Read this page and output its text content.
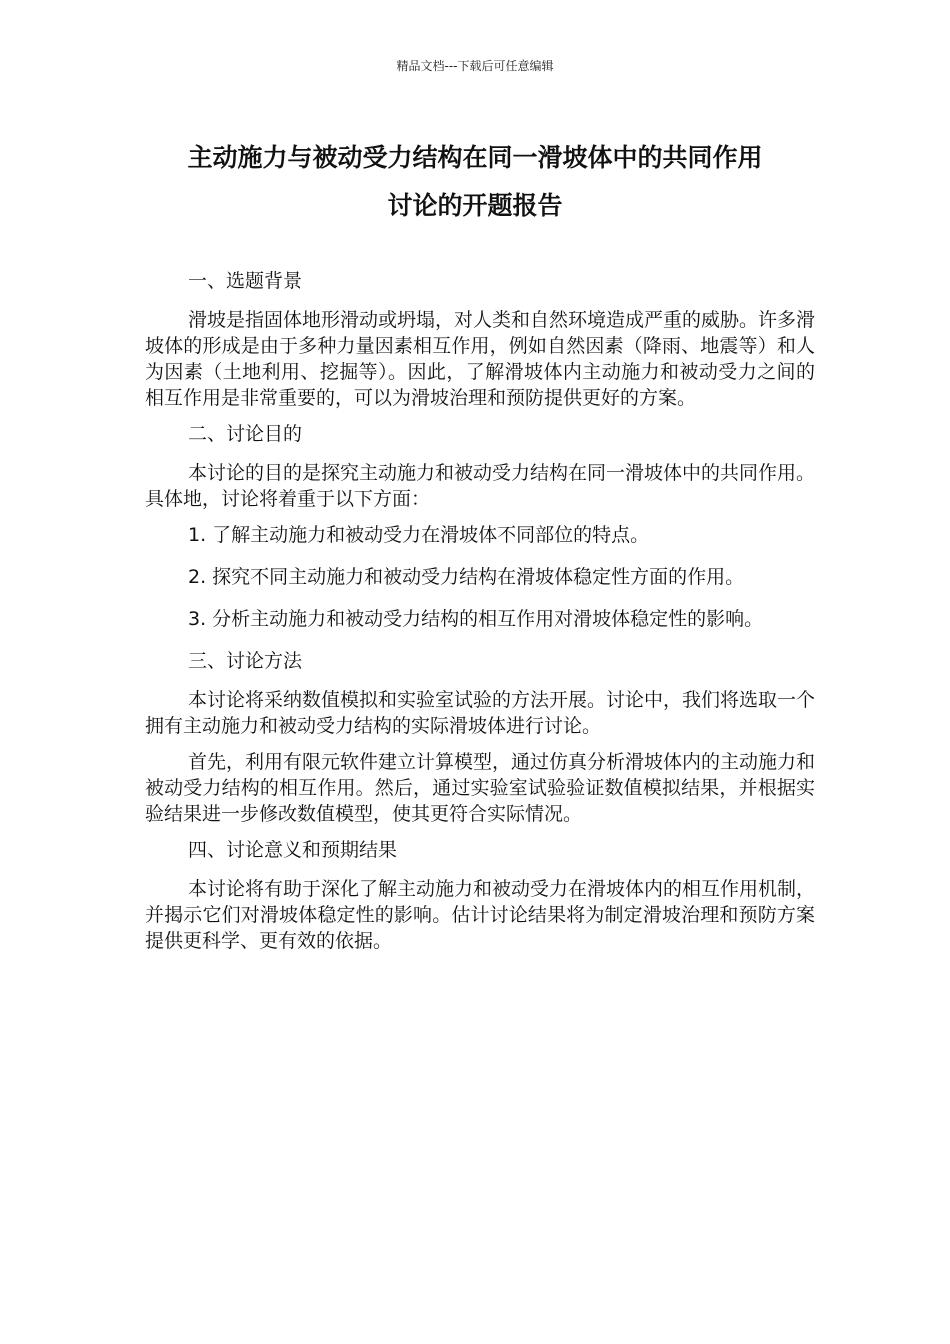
精品文档---下载后可任意编辑
主动施力与被动受力结构在同一滑坡体中的共同作用
讨论的开题报告

一、选题背景

滑坡是指固体地形滑动或坍塌，对人类和自然环境造成严重的威胁。许多滑坡体的形成是由于多种力量因素相互作用，例如自然因素（降雨、地震等）和人为因素（土地利用、挖掘等）。因此，了解滑坡体内主动施力和被动受力之间的相互作用是非常重要的，可以为滑坡治理和预防提供更好的方案。

二、讨论目的

本讨论的目的是探究主动施力和被动受力结构在同一滑坡体中的共同作用。具体地，讨论将着重于以下方面：

1. 了解主动施力和被动受力在滑坡体不同部位的特点。

2. 探究不同主动施力和被动受力结构在滑坡体稳定性方面的作用。

3. 分析主动施力和被动受力结构的相互作用对滑坡体稳定性的影响。

三、讨论方法

本讨论将采纳数值模拟和实验室试验的方法开展。讨论中，我们将选取一个拥有主动施力和被动受力结构的实际滑坡体进行讨论。

首先，利用有限元软件建立计算模型，通过仿真分析滑坡体内的主动施力和被动受力结构的相互作用。然后，通过实验室试验验证数值模拟结果，并根据实验结果进一步修改数值模型，使其更符合实际情况。

四、讨论意义和预期结果

本讨论将有助于深化了解主动施力和被动受力在滑坡体内的相互作用机制，并揭示它们对滑坡体稳定性的影响。估计讨论结果将为制定滑坡治理和预防方案提供更科学、更有效的依据。
